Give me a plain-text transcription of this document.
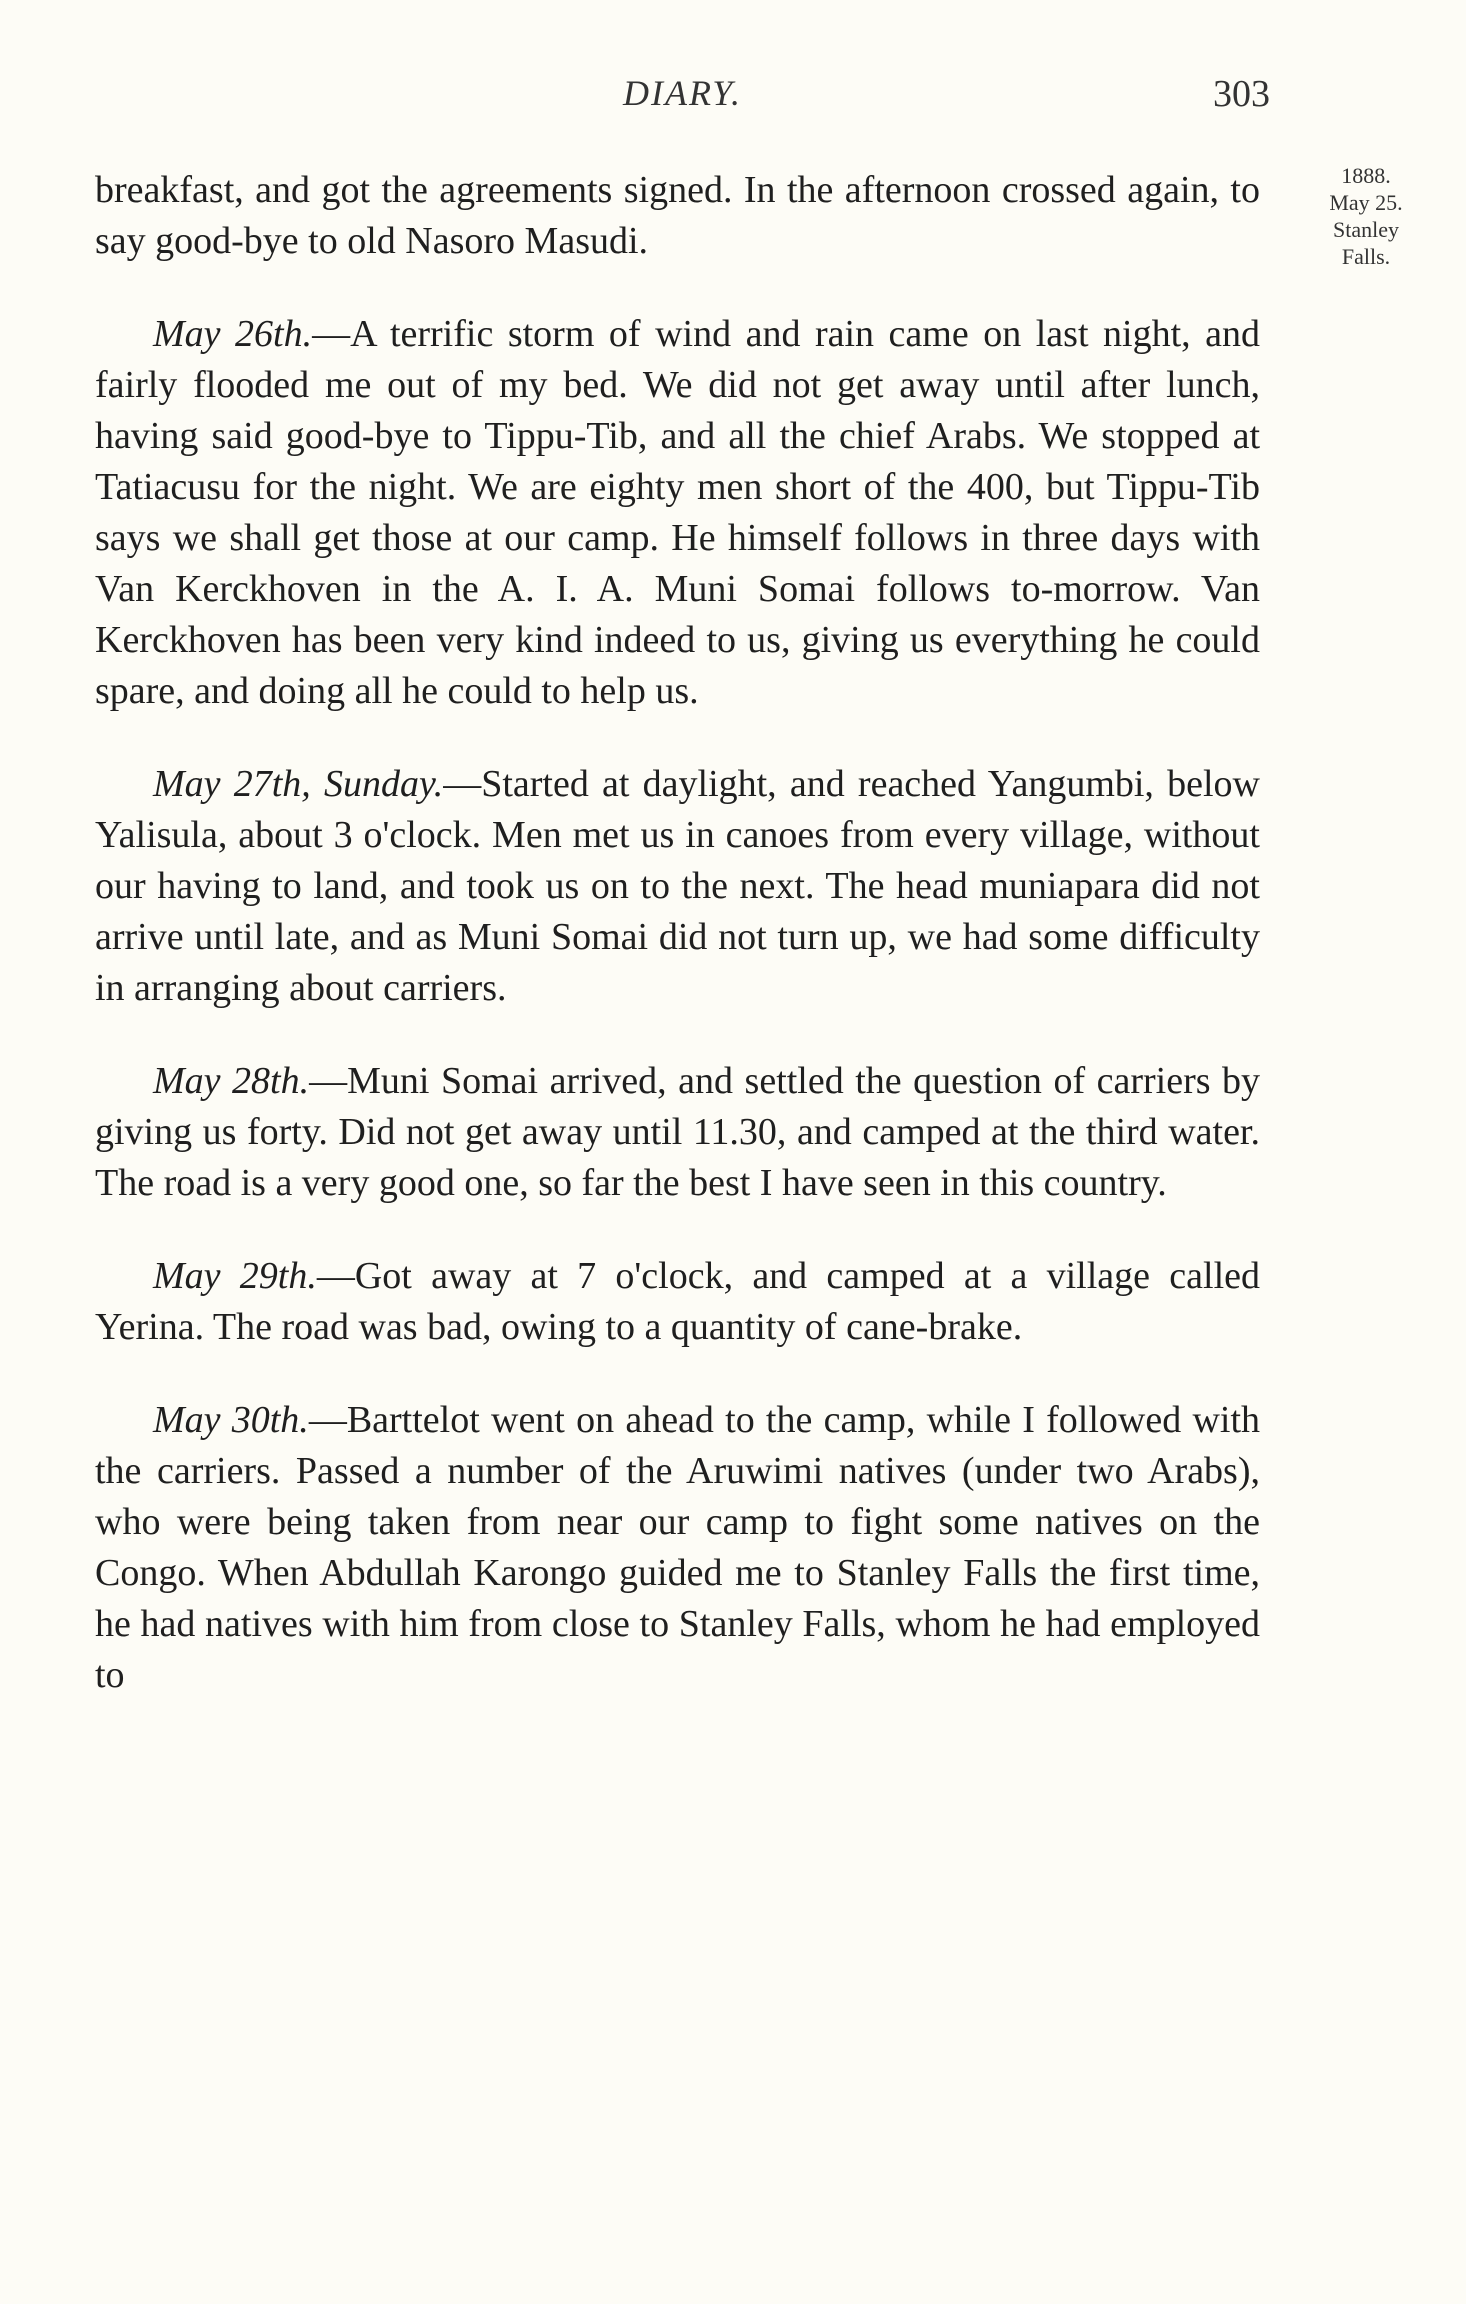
DIARY.	303
1888.
May 25.
Stanley
Falls.

breakfast, and got the agreements signed. In the afternoon crossed again, to say good-bye to old Nasoro Masudi.

May 26th.—A terrific storm of wind and rain came on last night, and fairly flooded me out of my bed. We did not get away until after lunch, having said good-bye to Tippu-Tib, and all the chief Arabs. We stopped at Tatiacusu for the night. We are eighty men short of the 400, but Tippu-Tib says we shall get those at our camp. He himself follows in three days with Van Kerckhoven in the A. I. A. Muni Somai follows to-morrow. Van Kerckhoven has been very kind indeed to us, giving us everything he could spare, and doing all he could to help us.

May 27th, Sunday.—Started at daylight, and reached Yangumbi, below Yalisula, about 3 o'clock. Men met us in canoes from every village, without our having to land, and took us on to the next. The head muniapara did not arrive until late, and as Muni Somai did not turn up, we had some difficulty in arranging about carriers.

May 28th.—Muni Somai arrived, and settled the question of carriers by giving us forty. Did not get away until 11.30, and camped at the third water. The road is a very good one, so far the best I have seen in this country.

May 29th.—Got away at 7 o'clock, and camped at a village called Yerina. The road was bad, owing to a quantity of cane-brake.

May 30th.—Barttelot went on ahead to the camp, while I followed with the carriers. Passed a number of the Aruwimi natives (under two Arabs), who were being taken from near our camp to fight some natives on the Congo. When Abdullah Karongo guided me to Stanley Falls the first time, he had natives with him from close to Stanley Falls, whom he had employed to
